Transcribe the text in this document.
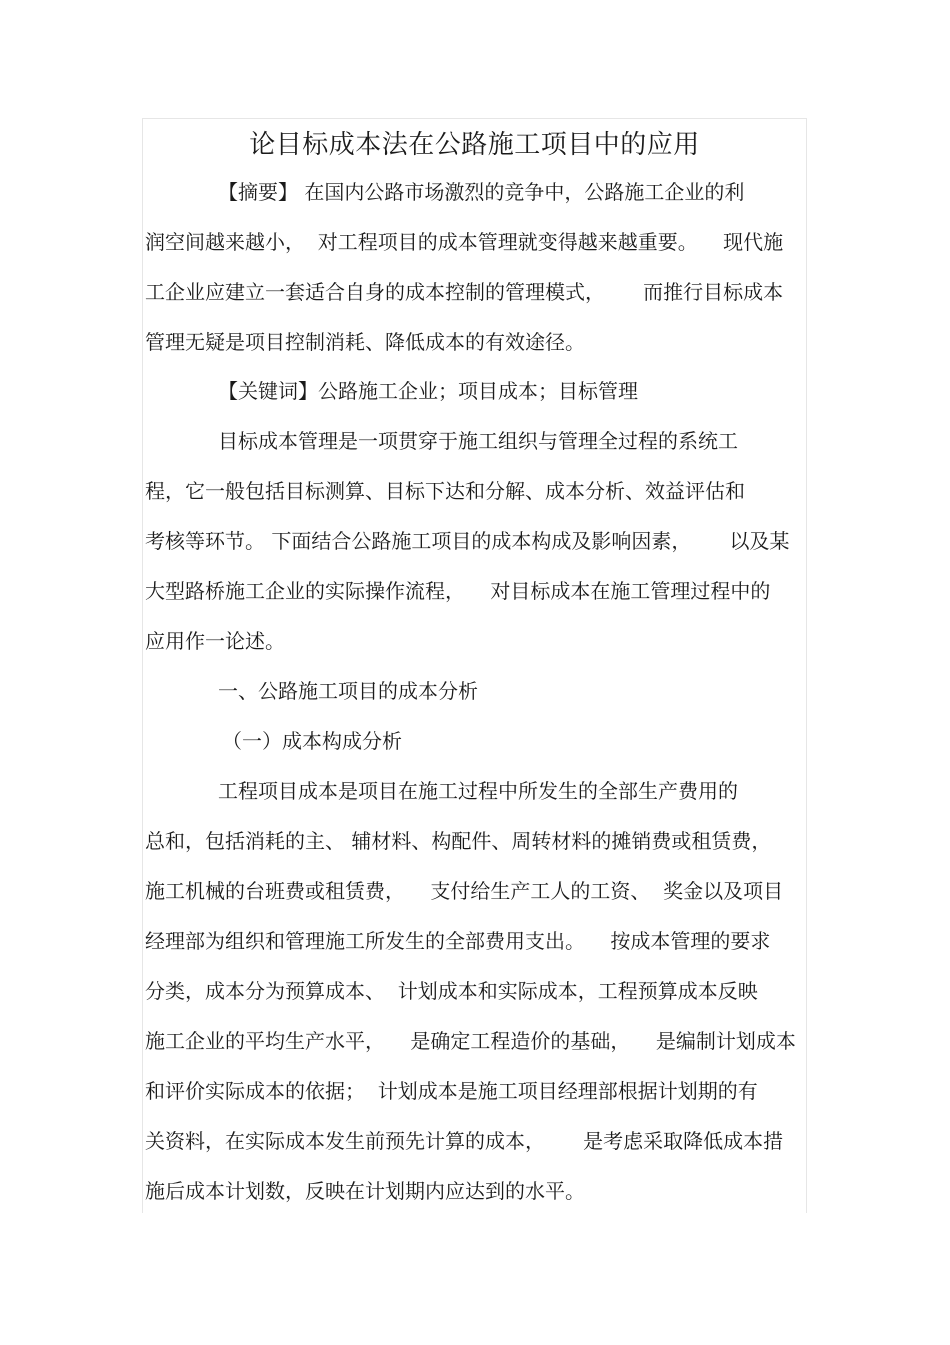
论目标成本法在公路施工项目中的应用
【摘要】 在国内公路市场激烈的竞争中，公路施工企业的利
润空间越来越小，  对工程项目的成本管理就变得越来越重要。    现代施
工企业应建立一套适合自身的成本控制的管理模式，      而推行目标成本
管理无疑是项目控制消耗、降低成本的有效途径。
【关键词】公路施工企业；项目成本；目标管理
目标成本管理是一项贯穿于施工组织与管理全过程的系统工
程，它一般包括目标测算、目标下达和分解、成本分析、效益评估和
考核等环节。 下面结合公路施工项目的成本构成及影响因素，      以及某
大型路桥施工企业的实际操作流程，    对目标成本在施工管理过程中的
应用作一论述。
一、公路施工项目的成本分析
（一）成本构成分析
工程项目成本是项目在施工过程中所发生的全部生产费用的
总和，包括消耗的主、 辅材料、构配件、周转材料的摊销费或租赁费，
施工机械的台班费或租赁费，    支付给生产工人的工资、  奖金以及项目
经理部为组织和管理施工所发生的全部费用支出。    按成本管理的要求
分类，成本分为预算成本、  计划成本和实际成本，工程预算成本反映
施工企业的平均生产水平，    是确定工程造价的基础，    是编制计划成本
和评价实际成本的依据；  计划成本是施工项目经理部根据计划期的有
关资料，在实际成本发生前预先计算的成本，      是考虑采取降低成本措
施后成本计划数，反映在计划期内应达到的水平。
